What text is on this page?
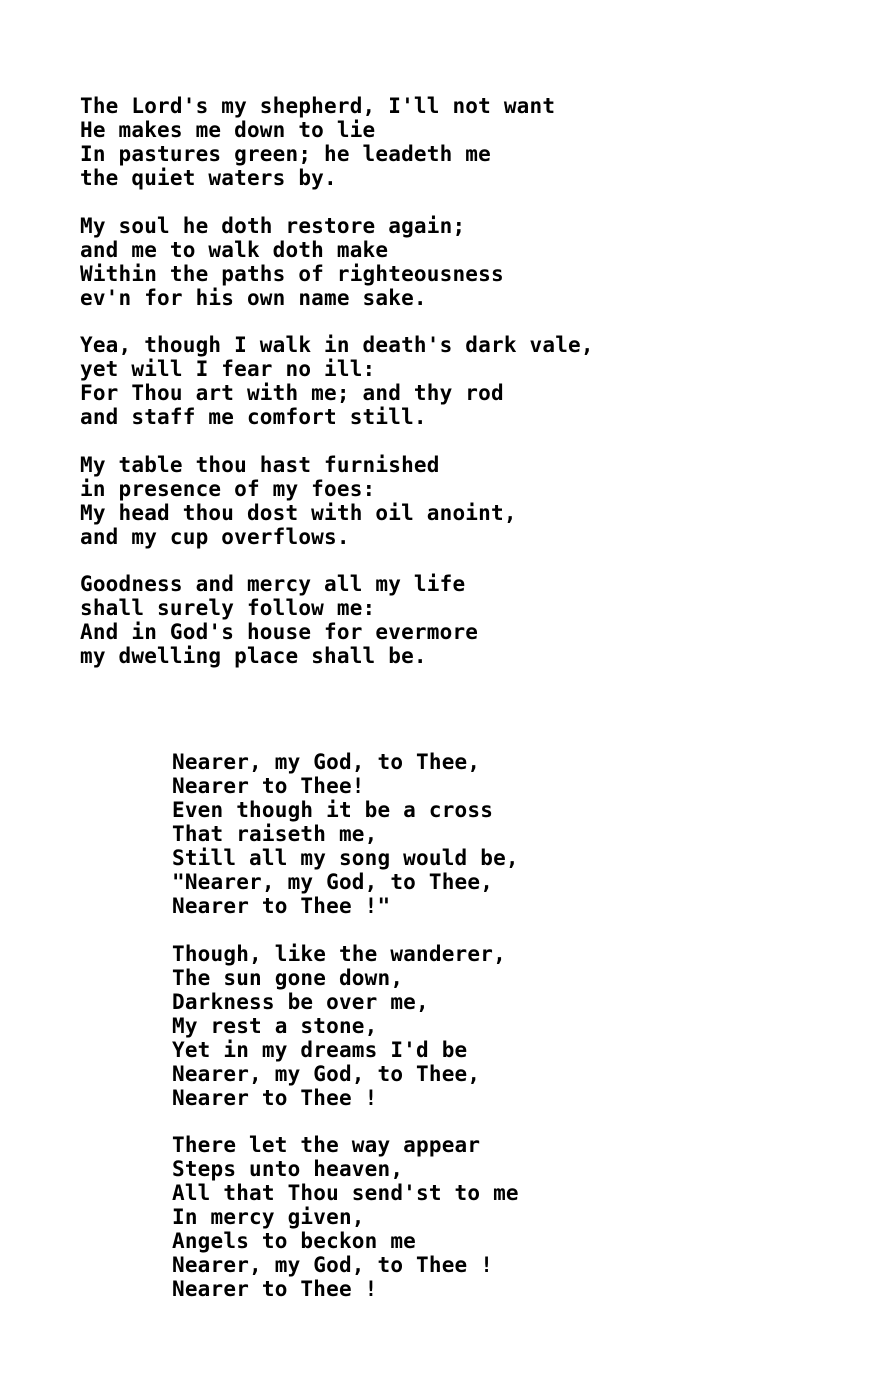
The Lord's my shepherd, I'll not want
He makes me down to lie
In pastures green; he leadeth me
the quiet waters by.
My soul he doth restore again;
and me to walk doth make
Within the paths of righteousness
ev'n for his own name sake.
Yea, though I walk in death's dark vale,
yet will I fear no ill:
For Thou art with me; and thy rod
and staff me comfort still.
My table thou hast furnished
in presence of my foes:
My head thou dost with oil anoint,
and my cup overflows.
Goodness and mercy all my life
shall surely follow me:
And in God's house for evermore
my dwelling place shall be.
Nearer, my God, to Thee,
Nearer to Thee!
Even though it be a cross
That raiseth me,
Still all my song would be,
"Nearer, my God, to Thee,
Nearer to Thee !"
Though, like the wanderer,
The sun gone down,
Darkness be over me,
My rest a stone,
Yet in my dreams I'd be
Nearer, my God, to Thee,
Nearer to Thee !
There let the way appear
Steps unto heaven,
All that Thou send'st to me
In mercy given,
Angels to beckon me
Nearer, my God, to Thee !
Nearer to Thee !
